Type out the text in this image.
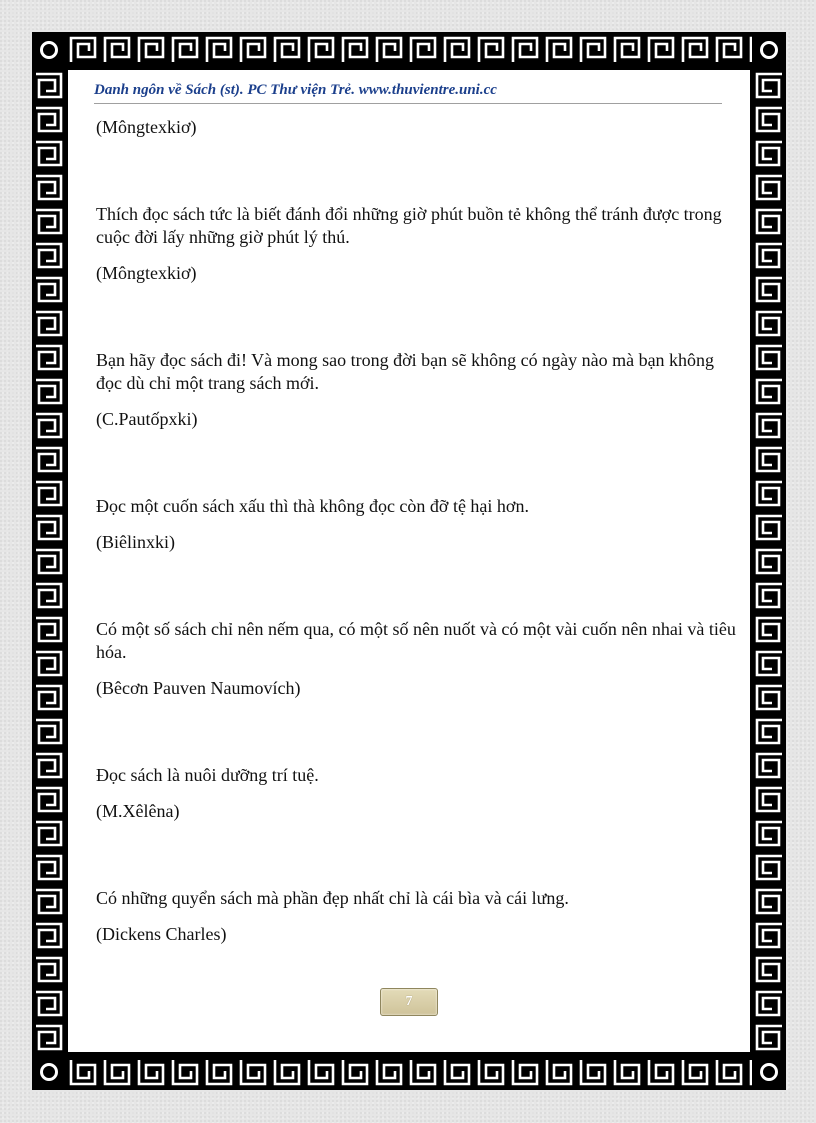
Danh ngôn về Sách (st). PC Thư viện Trẻ. www.thuvientre.uni.cc

(Môngtexkiơ)

Thích đọc sách tức là biết đánh đổi những giờ phút buồn tẻ không thể tránh được trong cuộc đời lấy những giờ phút lý thú.

(Môngtexkiơ)

Bạn hãy đọc sách đi! Và mong sao trong đời bạn sẽ không có ngày nào mà bạn không đọc dù chỉ một trang sách mới.

(C.Pautốpxki)

Đọc một cuốn sách xấu thì thà không đọc còn đỡ tệ hại hơn.

(Biêlinxki)

Có một số sách chỉ nên nếm qua, có một số nên nuốt và có một vài cuốn nên nhai và tiêu hóa.

(Bêcơn Pauven Naumovích)

Đọc sách là nuôi dưỡng trí tuệ.

(M.Xêlêna)

Có những quyển sách mà phần đẹp nhất chỉ là cái bìa và cái lưng.

(Dickens Charles)

7
